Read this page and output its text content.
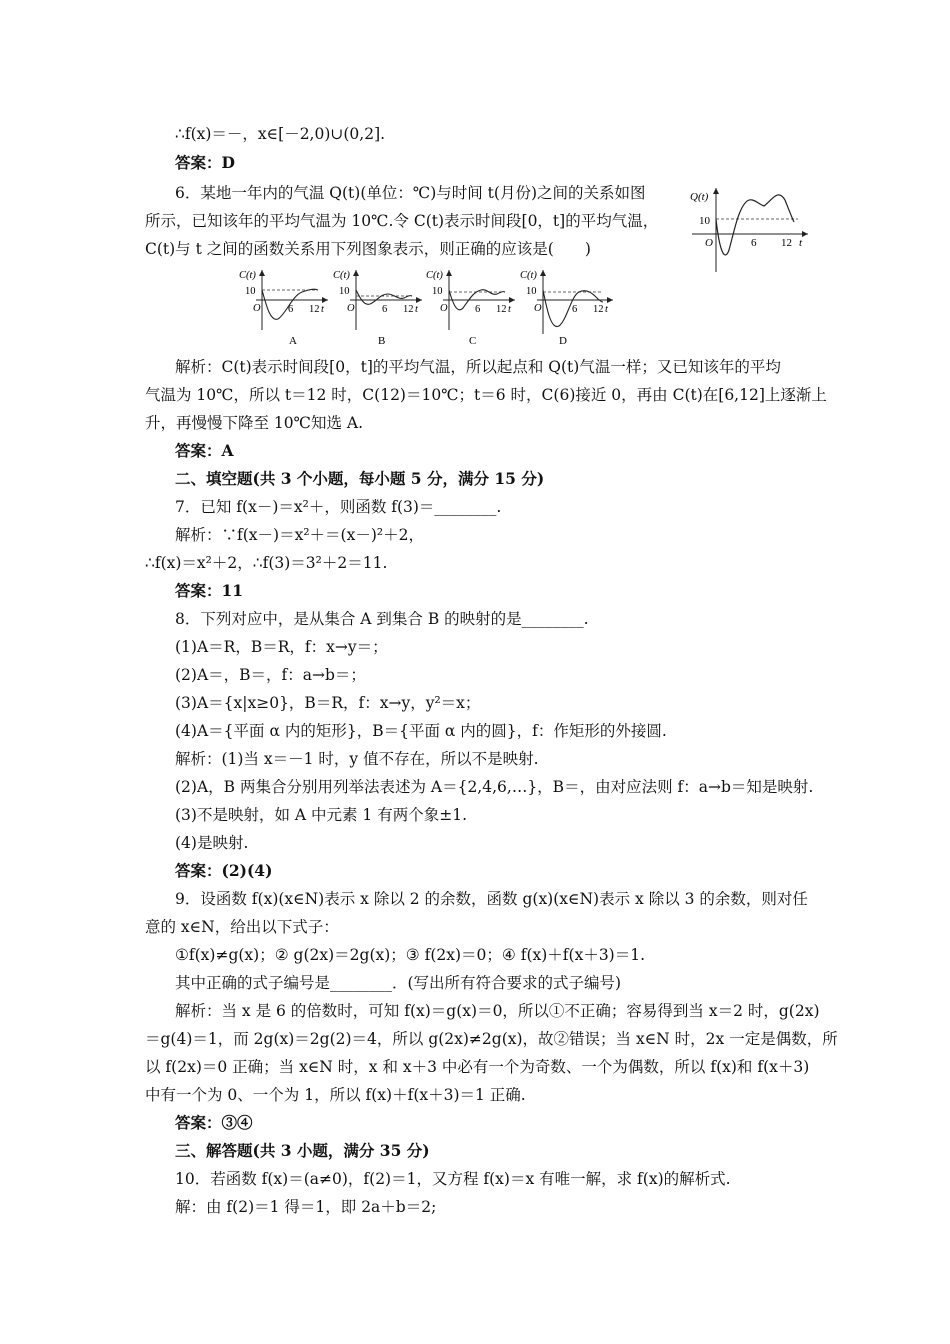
∴f(x)＝－，x∈[－2,0)∪(0,2].
答案：D
6．某地一年内的气温 Q(t)(单位：℃)与时间 t(月份)之间的关系如图
所示，已知该年的平均气温为 10℃.令 C(t)表示时间段[0，t]的平均气温，
C(t)与 t 之间的函数关系用下列图象表示，则正确的应该是(　　)
Q(t)
10
O	6 12 t
C(t)
10
O	6 12 t
A
C(t)
10
O	6 12 t
B
C(t)
10
O	6 12 t
C
C(t)
10
O	6 12 t
D
解析：C(t)表示时间段[0，t]的平均气温，所以起点和 Q(t)气温一样；又已知该年的平均
气温为 10℃，所以 t＝12 时，C(12)＝10℃；t＝6 时，C(6)接近 0，再由 C(t)在[6,12]上逐渐上
升，再慢慢下降至 10℃知选 A.
答案：A
二、填空题(共 3 个小题，每小题 5 分，满分 15 分)
7．已知 f(x－)＝x²＋，则函数 f(3)＝________.
解析：∵f(x－)＝x²＋＝(x－)²＋2，
∴f(x)＝x²＋2，∴f(3)＝3²＋2＝11.
答案：11
8．下列对应中，是从集合 A 到集合 B 的映射的是________.
(1)A＝R，B＝R，f：x→y＝；
(2)A＝，B＝，f：a→b＝；
(3)A＝{x|x≥0}，B＝R，f：x→y，y²＝x；
(4)A＝{平面 α 内的矩形}，B＝{平面 α 内的圆}，f：作矩形的外接圆.
解析：(1)当 x＝－1 时，y 值不存在，所以不是映射.
(2)A，B 两集合分别用列举法表述为 A＝{2,4,6,…}，B＝，由对应法则 f：a→b＝知是映射.
(3)不是映射，如 A 中元素 1 有两个象±1.
(4)是映射.
答案：(2)(4)
9．设函数 f(x)(x∈N)表示 x 除以 2 的余数，函数 g(x)(x∈N)表示 x 除以 3 的余数，则对任
意的 x∈N，给出以下式子：
①f(x)≠g(x)；② g(2x)＝2g(x)；③ f(2x)＝0；④ f(x)＋f(x＋3)＝1.
其中正确的式子编号是________．(写出所有符合要求的式子编号)
解析：当 x 是 6 的倍数时，可知 f(x)＝g(x)＝0，所以①不正确；容易得到当 x＝2 时，g(2x)
＝g(4)＝1，而 2g(x)＝2g(2)＝4，所以 g(2x)≠2g(x)，故②错误；当 x∈N 时，2x 一定是偶数，所
以 f(2x)＝0 正确；当 x∈N 时，x 和 x＋3 中必有一个为奇数、一个为偶数，所以 f(x)和 f(x＋3)
中有一个为 0、一个为 1，所以 f(x)＋f(x＋3)＝1 正确.
答案：③④
三、解答题(共 3 小题，满分 35 分)
10．若函数 f(x)＝(a≠0)，f(2)＝1，又方程 f(x)＝x 有唯一解，求 f(x)的解析式.
解：由 f(2)＝1 得＝1，即 2a＋b＝2;
